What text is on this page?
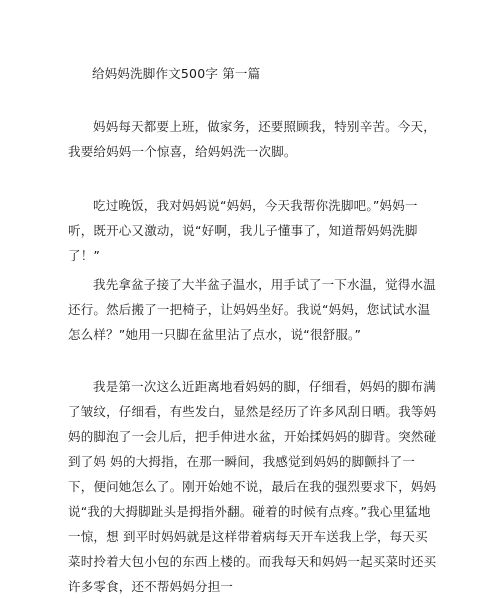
给妈妈洗脚作文500字 第一篇

妈妈每天都要上班，做家务，还要照顾我，特别辛苦。今天，我要给妈妈一个惊喜，给妈妈洗一次脚。

吃过晚饭，我对妈妈说“妈妈，今天我帮你洗脚吧。”妈妈一听，既开心又激动，说“好啊，我儿子懂事了，知道帮妈妈洗脚了！”

我先拿盆子接了大半盆子温水，用手试了一下水温，觉得水温还行。然后搬了一把椅子，让妈妈坐好。我说“妈妈，您试试水温怎么样？”她用一只脚在盆里沾了点水，说“很舒服。”

我是第一次这么近距离地看妈妈的脚，仔细看，妈妈的脚布满了皱纹，仔细看，有些发白，显然是经历了许多风刮日晒。我等妈妈的脚泡了一会儿后，把手伸进水盆，开始揉妈妈的脚背。突然碰到了妈 妈的大拇指，在那一瞬间，我感觉到妈妈的脚颤抖了一下，便问她怎么了。刚开始她不说，最后在我的强烈要求下，妈妈说“我的大拇脚趾头是拇指外翻。碰着的时候有点疼。”我心里猛地一惊，想 到平时妈妈就是这样带着病每天开车送我上学，每天买菜时拎着大包小包的东西上楼的。而我每天和妈妈一起买菜时还买许多零食，还不帮妈妈分担一
